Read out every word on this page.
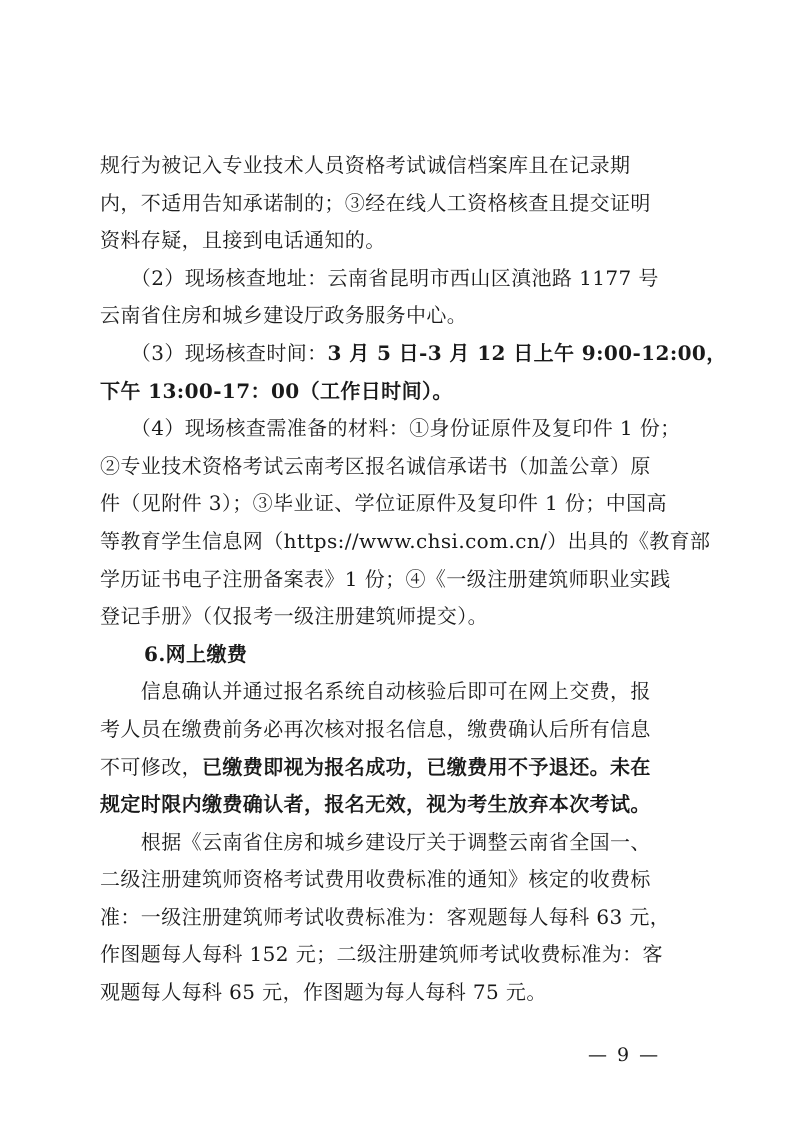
规行为被记入专业技术人员资格考试诚信档案库且在记录期
内，不适用告知承诺制的；③经在线人工资格核查且提交证明
资料存疑，且接到电话通知的。
　　（2）现场核查地址：云南省昆明市西山区滇池路 1177 号
云南省住房和城乡建设厅政务服务中心。
　　（3）现场核查时间：3 月 5 日-3 月 12 日上午 9:00-12:00，
下午 13:00-17：00（工作日时间）。
　　（4）现场核查需准备的材料：①身份证原件及复印件 1 份；
②专业技术资格考试云南考区报名诚信承诺书（加盖公章）原
件（见附件 3）；③毕业证、学位证原件及复印件 1 份；中国高
等教育学生信息网（https://www.chsi.com.cn/）出具的《教育部
学历证书电子注册备案表》1 份；④《一级注册建筑师职业实践
登记手册》（仅报考一级注册建筑师提交）。
6.网上缴费
　　信息确认并通过报名系统自动核验后即可在网上交费，报
考人员在缴费前务必再次核对报名信息，缴费确认后所有信息
不可修改，已缴费即视为报名成功，已缴费用不予退还。未在
规定时限内缴费确认者，报名无效，视为考生放弃本次考试。
　　根据《云南省住房和城乡建设厅关于调整云南省全国一、
二级注册建筑师资格考试费用收费标准的通知》核定的收费标
准：一级注册建筑师考试收费标准为：客观题每人每科 63 元，
作图题每人每科 152 元；二级注册建筑师考试收费标准为：客
观题每人每科 65 元，作图题为每人每科 75 元。
— 9 —
